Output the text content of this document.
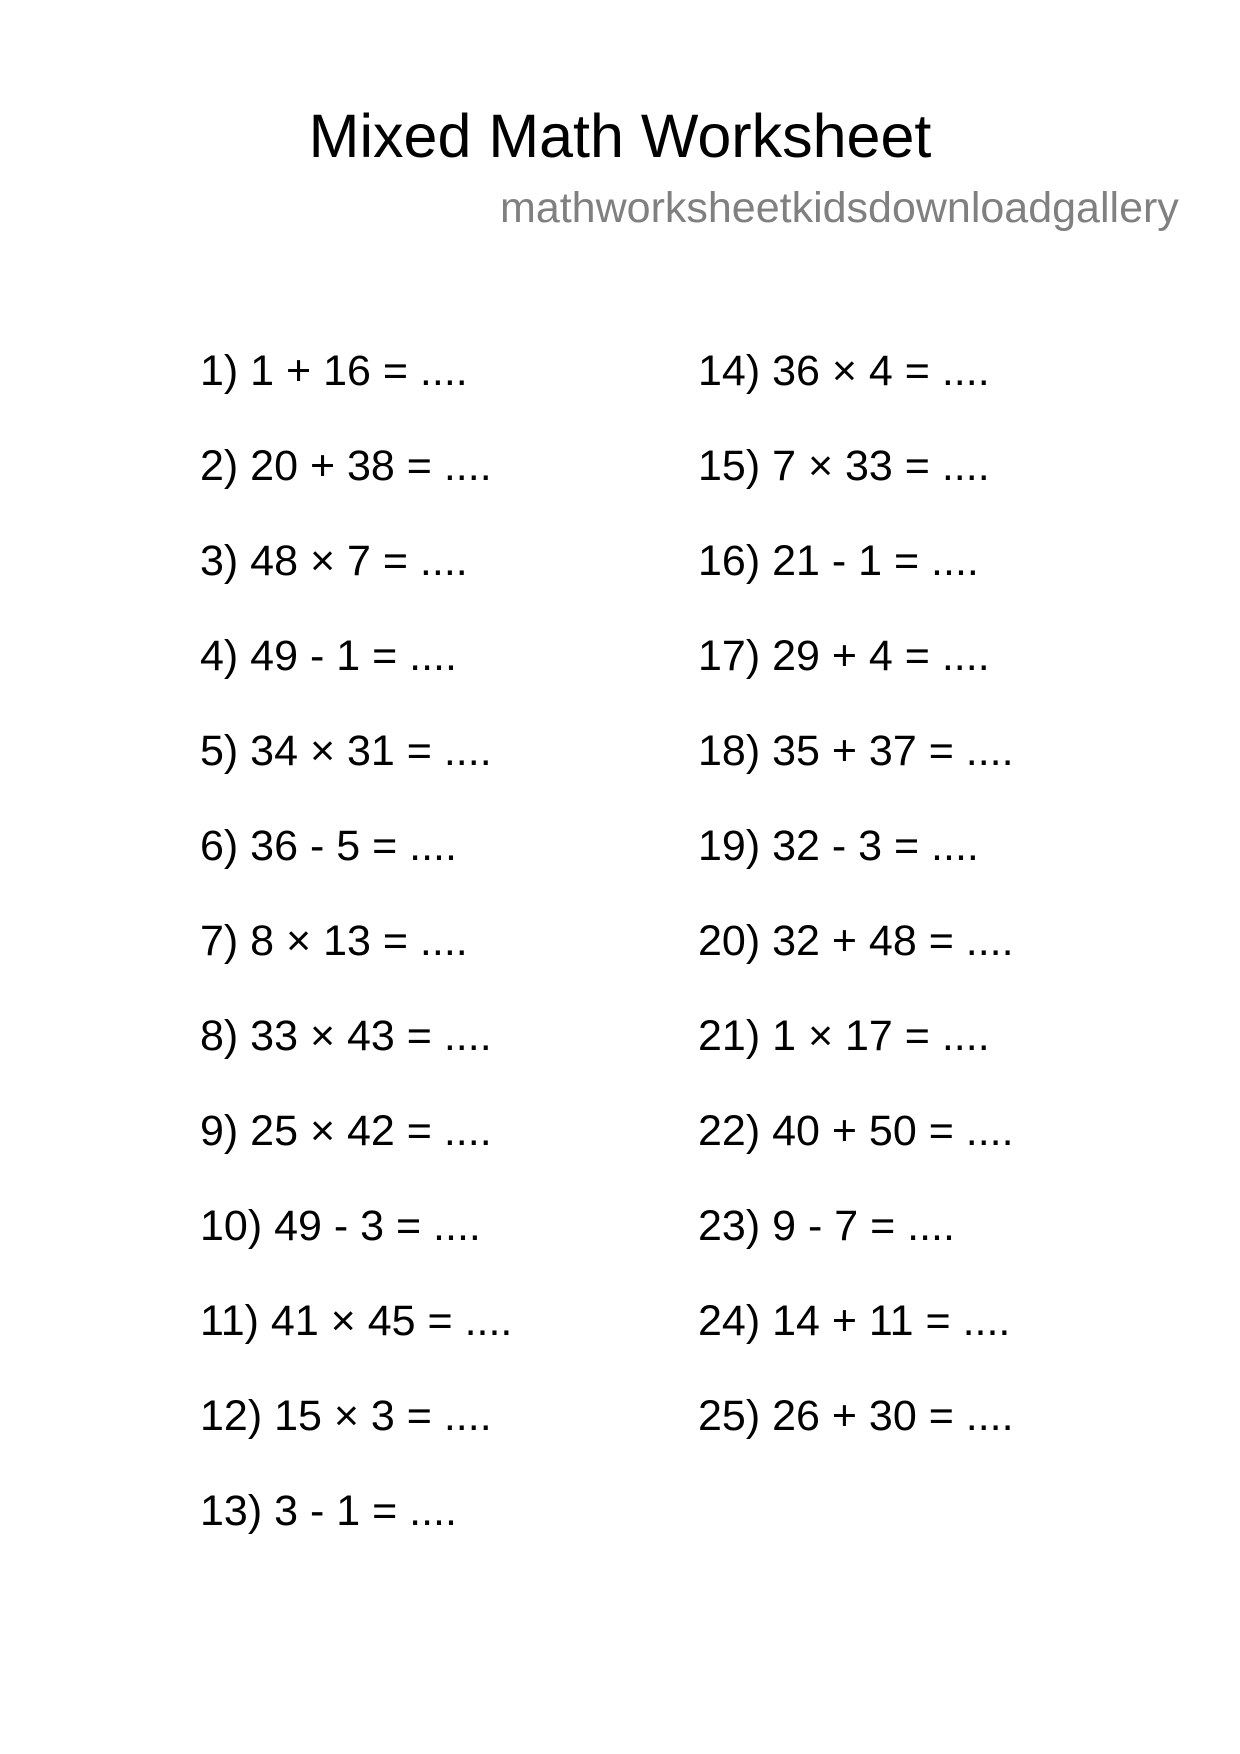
Mixed Math Worksheet
mathworksheetkidsdownloadgallery
1) 1 + 16 = ....
2) 20 + 38 = ....
3) 48 × 7 = ....
4) 49 - 1 = ....
5) 34 × 31 = ....
6) 36 - 5 = ....
7) 8 × 13 = ....
8) 33 × 43 = ....
9) 25 × 42 = ....
10) 49 - 3 = ....
11) 41 × 45 = ....
12) 15 × 3 = ....
13) 3 - 1 = ....
14) 36 × 4 = ....
15) 7 × 33 = ....
16) 21 - 1 = ....
17) 29 + 4 = ....
18) 35 + 37 = ....
19) 32 - 3 = ....
20) 32 + 48 = ....
21) 1 × 17 = ....
22) 40 + 50 = ....
23) 9 - 7 = ....
24) 14 + 11 = ....
25) 26 + 30 = ....
